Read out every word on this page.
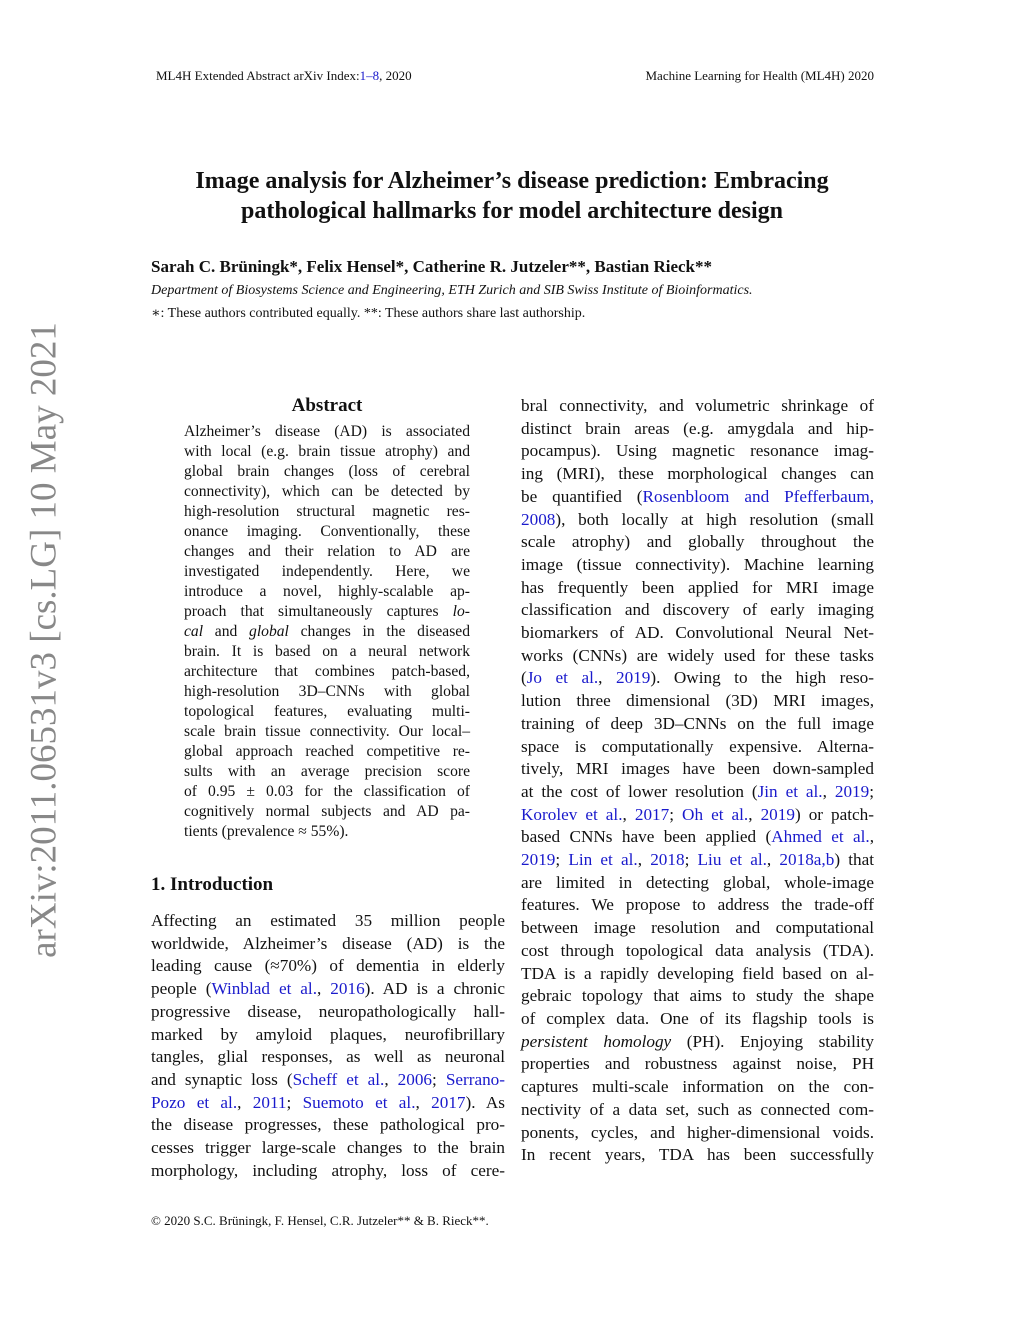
ML4H Extended Abstract arXiv Index:1–8, 2020	Machine Learning for Health (ML4H) 2020
arXiv:2011.06531v3 [cs.LG] 10 May 2021
Image analysis for Alzheimer’s disease prediction: Embracing pathological hallmarks for model architecture design
Sarah C. Brüningk*, Felix Hensel*, Catherine R. Jutzeler**, Bastian Rieck**
Department of Biosystems Science and Engineering, ETH Zurich and SIB Swiss Institute of Bioinformatics.
∗: These authors contributed equally. **: These authors share last authorship.
Abstract
Alzheimer’s disease (AD) is associated
with local (e.g. brain tissue atrophy) and
global brain changes (loss of cerebral
connectivity), which can be detected by
high-resolution structural magnetic res-
onance imaging. Conventionally, these
changes and their relation to AD are
investigated independently. Here, we
introduce a novel, highly-scalable ap-
proach that simultaneously captures lo-
cal and global changes in the diseased
brain. It is based on a neural network
architecture that combines patch-based,
high-resolution 3D–CNNs with global
topological features, evaluating multi-
scale brain tissue connectivity. Our local–
global approach reached competitive re-
sults with an average precision score
of 0.95 ± 0.03 for the classification of
cognitively normal subjects and AD pa-
tients (prevalence ≈ 55%).
1. Introduction
Affecting an estimated 35 million people
worldwide, Alzheimer’s disease (AD) is the
leading cause (≈70%) of dementia in elderly
people (Winblad et al., 2016). AD is a chronic
progressive disease, neuropathologically hall-
marked by amyloid plaques, neurofibrillary
tangles, glial responses, as well as neuronal
and synaptic loss (Scheff et al., 2006; Serrano-
Pozo et al., 2011; Suemoto et al., 2017). As
the disease progresses, these pathological pro-
cesses trigger large-scale changes to the brain
morphology, including atrophy, loss of cere-
bral connectivity, and volumetric shrinkage of
distinct brain areas (e.g. amygdala and hip-
pocampus). Using magnetic resonance imag-
ing (MRI), these morphological changes can
be quantified (Rosenbloom and Pfefferbaum,
2008), both locally at high resolution (small
scale atrophy) and globally throughout the
image (tissue connectivity). Machine learning
has frequently been applied for MRI image
classification and discovery of early imaging
biomarkers of AD. Convolutional Neural Net-
works (CNNs) are widely used for these tasks
(Jo et al., 2019). Owing to the high reso-
lution three dimensional (3D) MRI images,
training of deep 3D–CNNs on the full image
space is computationally expensive. Alterna-
tively, MRI images have been down-sampled
at the cost of lower resolution (Jin et al., 2019;
Korolev et al., 2017; Oh et al., 2019) or patch-
based CNNs have been applied (Ahmed et al.,
2019; Lin et al., 2018; Liu et al., 2018a,b) that
are limited in detecting global, whole-image
features. We propose to address the trade-off
between image resolution and computational
cost through topological data analysis (TDA).
TDA is a rapidly developing field based on al-
gebraic topology that aims to study the shape
of complex data. One of its flagship tools is
persistent homology (PH). Enjoying stability
properties and robustness against noise, PH
captures multi-scale information on the con-
nectivity of a data set, such as connected com-
ponents, cycles, and higher-dimensional voids.
In recent years, TDA has been successfully
© 2020 S.C. Brüningk, F. Hensel, C.R. Jutzeler** & B. Rieck**.
